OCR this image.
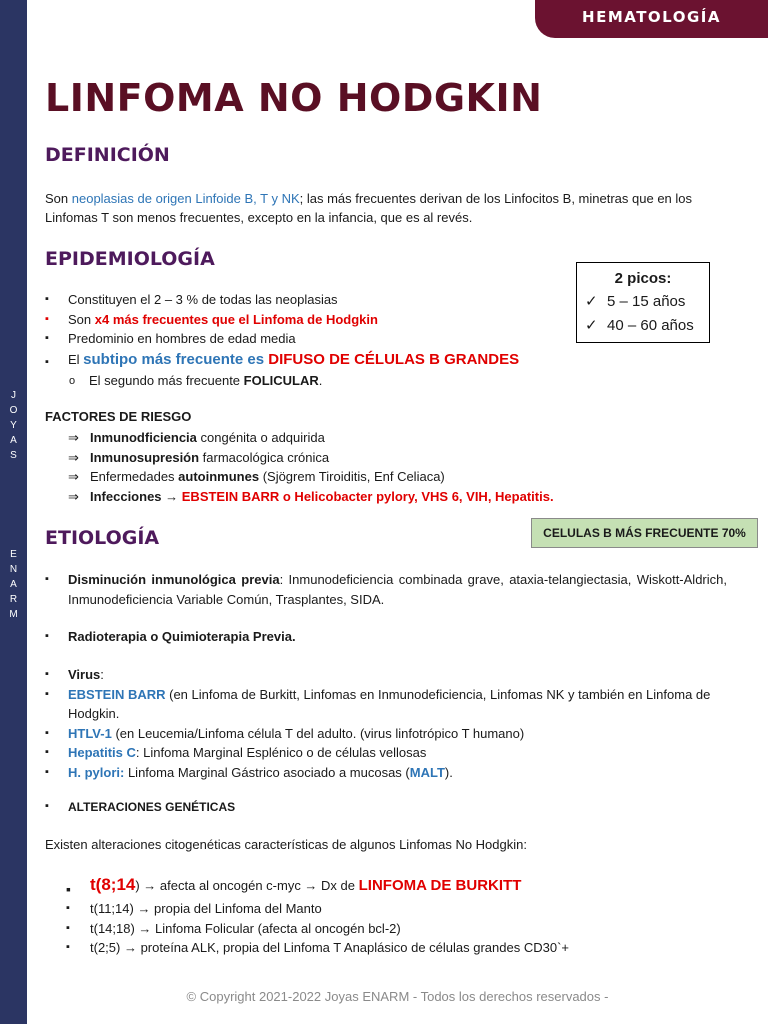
J
O
Y
A
S
E
N
A
R
M
HEMATOLOGÍA
LINFOMA NO HODGKIN
DEFINICIÓN

Son neoplasias de origen Linfoide B, T y NK; las más frecuentes derivan de los Linfocitos B, minetras que en los Linfomas T son menos frecuentes, excepto en la infancia, que es al revés.

EPIDEMIOLOGÍA
2 picos:
✓ 5 – 15 años
✓ 40 – 60 años
▪ Constituyen el 2 – 3 % de todas las neoplasias
▪ Son x4 más frecuentes que el Linfoma de Hodgkin
▪ Predominio en hombres de edad media
▪ El subtipo más frecuente es DIFUSO DE CÉLULAS B GRANDES
o El segundo más frecuente FOLICULAR.
FACTORES DE RIESGO
⇒ Inmunodficiencia congénita o adquirida
⇒ Inmunosupresión farmacológica crónica
⇒ Enfermedades autoinmunes (Sjögrem Tiroiditis, Enf Celiaca)
⇒ Infecciones → EBSTEIN BARR o Helicobacter pylory, VHS 6, VIH, Hepatitis.
ETIOLOGÍA	CELULAS B MÁS FRECUENTE 70%
▪ Disminución inmunológica previa: Inmunodeficiencia combinada grave, ataxia-telangiectasia, Wiskott-Aldrich, Inmunodeficiencia Variable Común, Trasplantes, SIDA.
▪ Radioterapia o Quimioterapia Previa.
▪ Virus:
▪ EBSTEIN BARR (en Linfoma de Burkitt, Linfomas en Inmunodeficiencia, Linfomas NK y también en Linfoma de Hodgkin.
▪ HTLV-1 (en Leucemia/Linfoma célula T del adulto. (virus linfotrópico T humano)
▪ Hepatitis C: Linfoma Marginal Esplénico o de células vellosas
▪ H. pylori: Linfoma Marginal Gástrico asociado a mucosas (MALT).
▪ ALTERACIONES GENÉTICAS
Existen alteraciones citogenéticas características de algunos Linfomas No Hodgkin:
▪ t(8;14) → afecta al oncogén c-myc → Dx de LINFOMA DE BURKITT
▪ t(11;14) → propia del Linfoma del Manto
▪ t(14;18) → Linfoma Folicular (afecta al oncogén bcl-2)
▪ t(2;5) → proteína ALK, propia del Linfoma T Anaplásico de células grandes CD30`+
© Copyright 2021-2022 Joyas ENARM - Todos los derechos reservados -
